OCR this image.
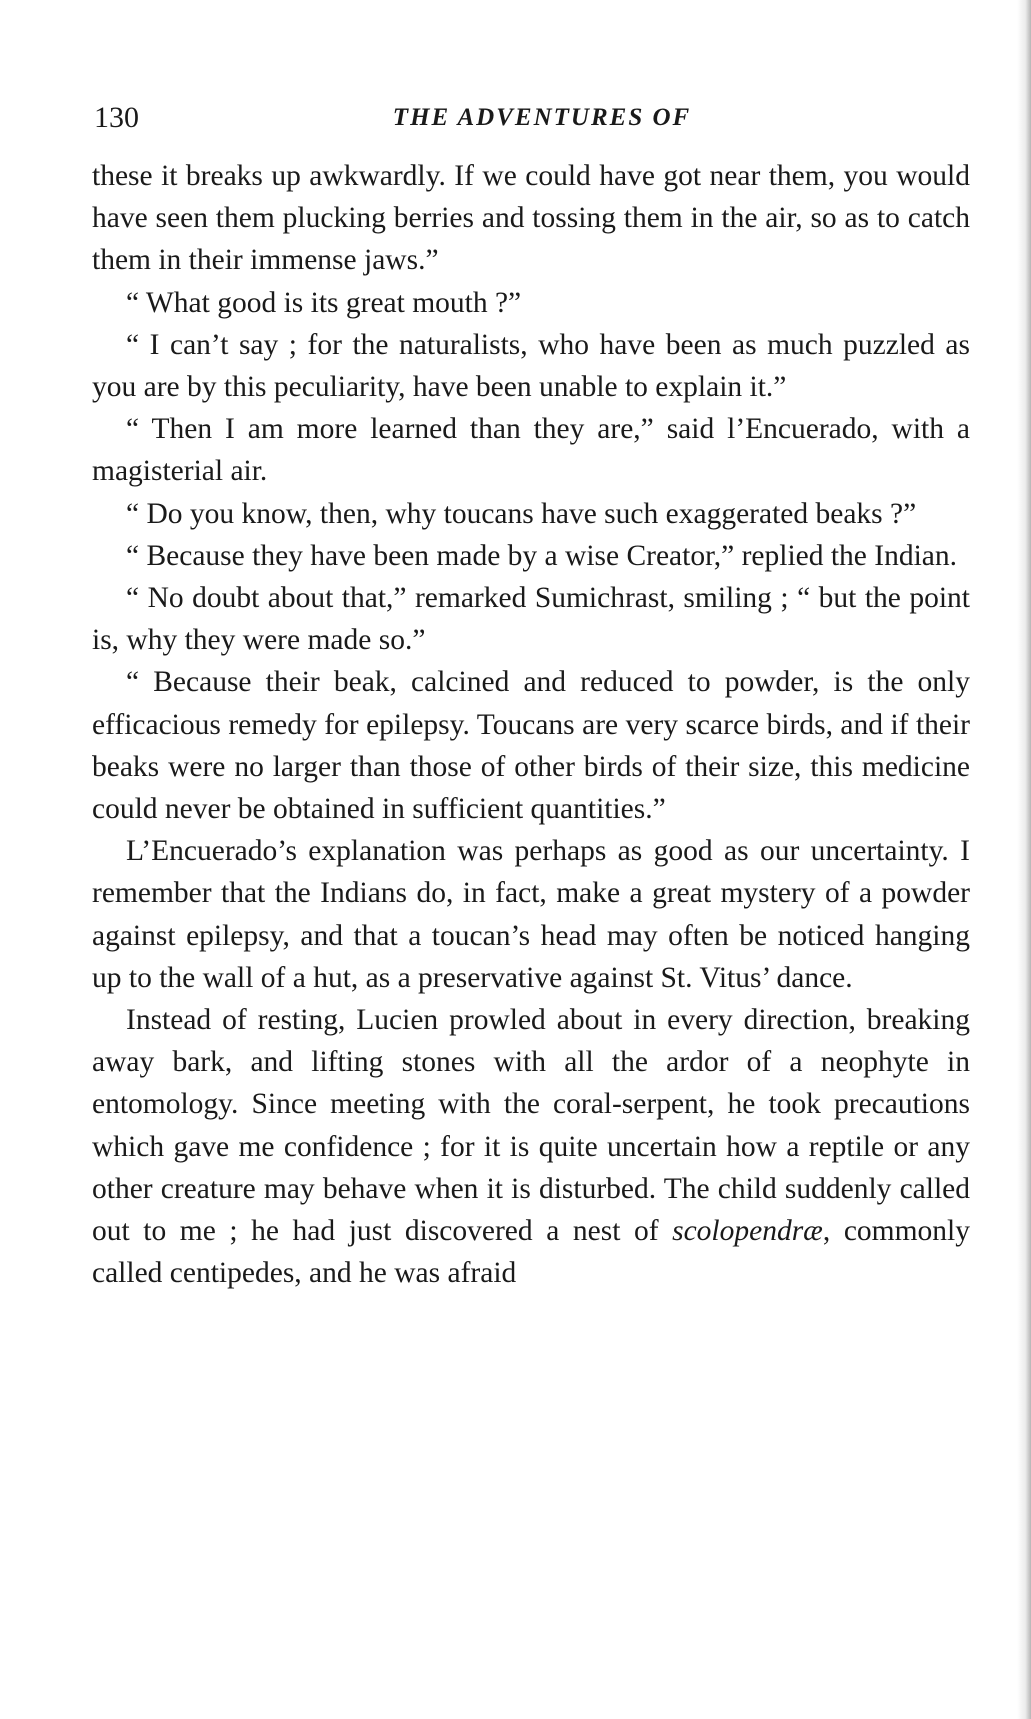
130	THE ADVENTURES OF

these it breaks up awkwardly. If we could have got near them, you would have seen them plucking berries and tossing them in the air, so as to catch them in their immense jaws.”

“ What good is its great mouth ?”

“ I can’t say ; for the naturalists, who have been as much puzzled as you are by this peculiarity, have been unable to explain it.”

“ Then I am more learned than they are,” said l’Encuerado, with a magisterial air.

“ Do you know, then, why toucans have such exaggerated beaks ?”

“ Because they have been made by a wise Creator,” replied the Indian.

“ No doubt about that,” remarked Sumichrast, smiling ; “ but the point is, why they were made so.”

“ Because their beak, calcined and reduced to powder, is the only efficacious remedy for epilepsy. Toucans are very scarce birds, and if their beaks were no larger than those of other birds of their size, this medicine could never be obtained in sufficient quantities.”

L’Encuerado’s explanation was perhaps as good as our uncertainty. I remember that the Indians do, in fact, make a great mystery of a powder against epilepsy, and that a toucan’s head may often be noticed hanging up to the wall of a hut, as a preservative against St. Vitus’ dance.

Instead of resting, Lucien prowled about in every direction, breaking away bark, and lifting stones with all the ardor of a neophyte in entomology. Since meeting with the coral-serpent, he took precautions which gave me confidence ; for it is quite uncertain how a reptile or any other creature may behave when it is disturbed. The child suddenly called out to me ; he had just discovered a nest of scolopendræ, commonly called centipedes, and he was afraid
